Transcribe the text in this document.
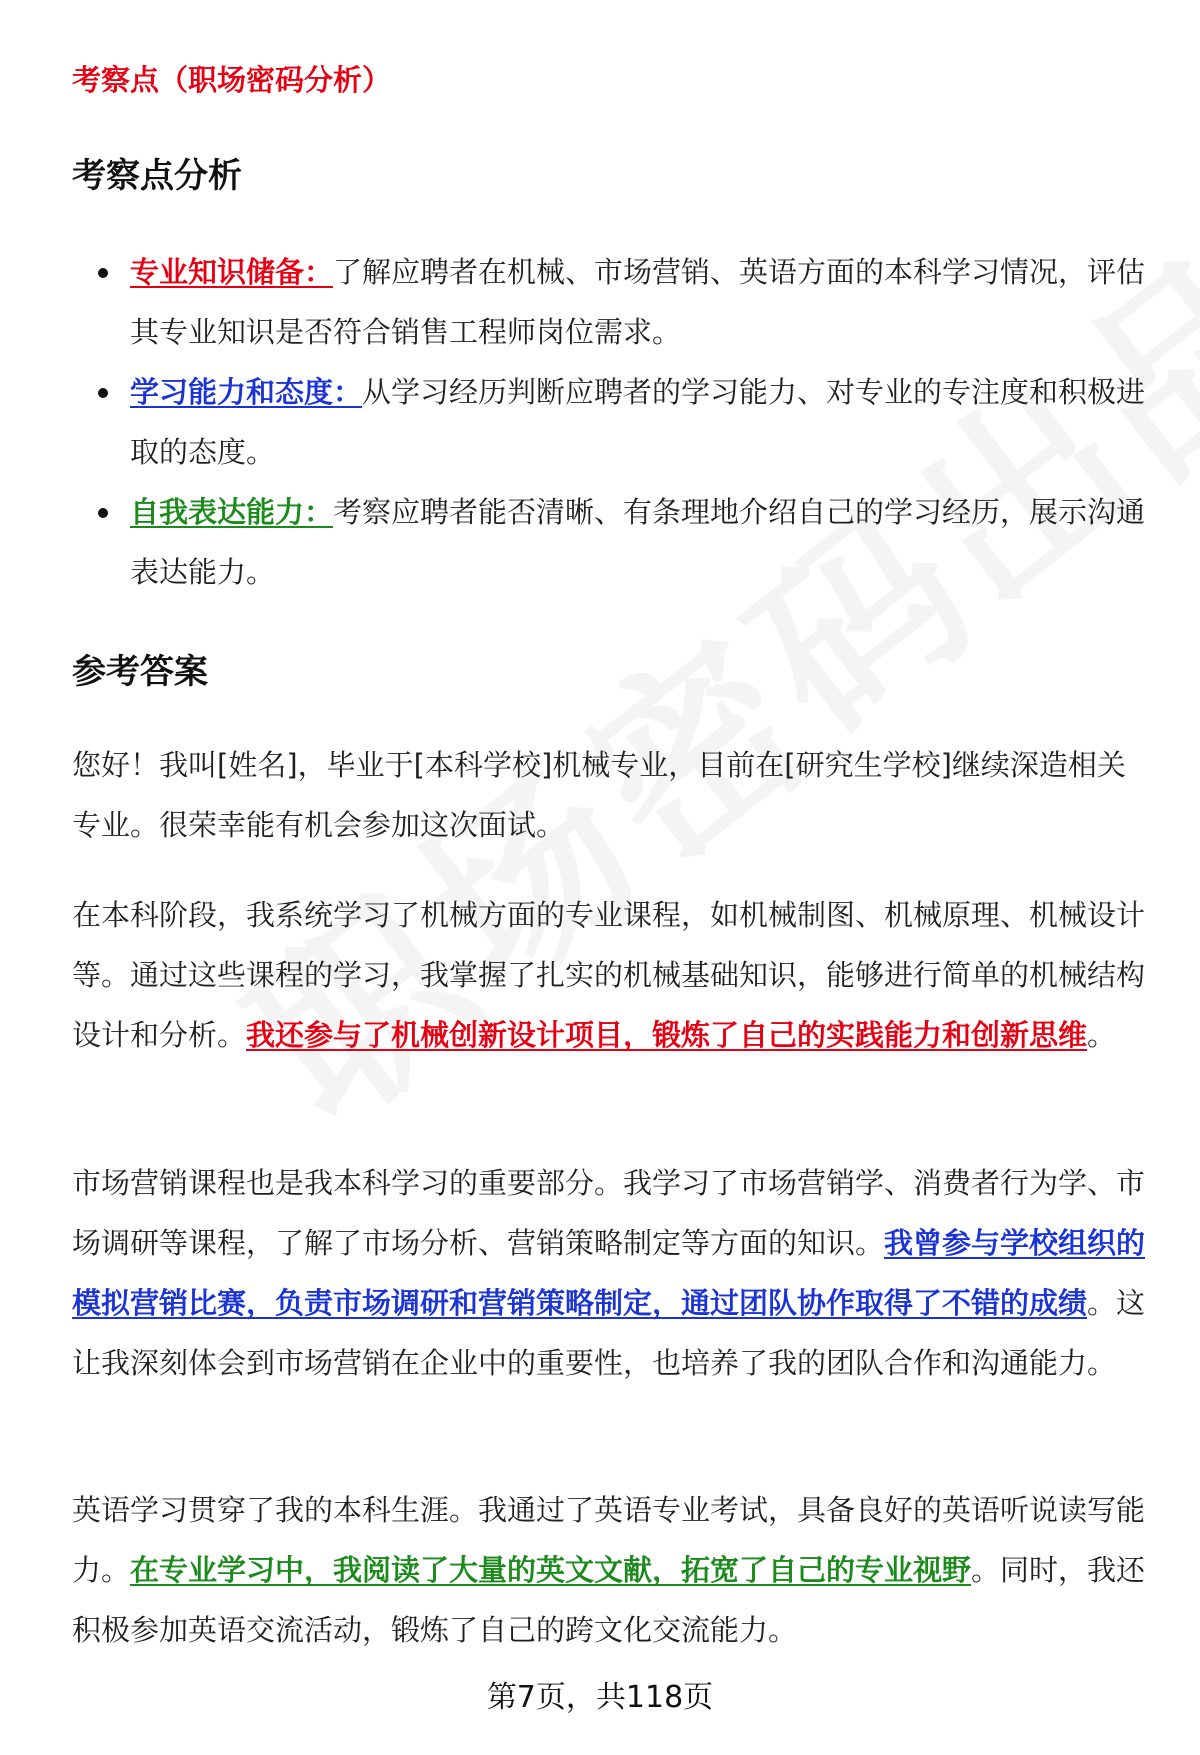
考察点（职场密码分析）
考察点分析
专业知识储备：了解应聘者在机械、市场营销、英语方面的本科学习情况，评估其专业知识是否符合销售工程师岗位需求。
学习能力和态度：从学习经历判断应聘者的学习能力、对专业的专注度和积极进取的态度。
自我表达能力：考察应聘者能否清晰、有条理地介绍自己的学习经历，展示沟通表达能力。
参考答案

您好！我叫[姓名]，毕业于[本科学校]机械专业，目前在[研究生学校]继续深造相关专业。很荣幸能有机会参加这次面试。

在本科阶段，我系统学习了机械方面的专业课程，如机械制图、机械原理、机械设计等。通过这些课程的学习，我掌握了扎实的机械基础知识，能够进行简单的机械结构设计和分析。我还参与了机械创新设计项目，锻炼了自己的实践能力和创新思维。

市场营销课程也是我本科学习的重要部分。我学习了市场营销学、消费者行为学、市场调研等课程，了解了市场分析、营销策略制定等方面的知识。我曾参与学校组织的模拟营销比赛，负责市场调研和营销策略制定，通过团队协作取得了不错的成绩。这让我深刻体会到市场营销在企业中的重要性，也培养了我的团队合作和沟通能力。

英语学习贯穿了我的本科生涯。我通过了英语专业考试，具备良好的英语听说读写能力。在专业学习中，我阅读了大量的英文文献，拓宽了自己的专业视野。同时，我还积极参加英语交流活动，锻炼了自己的跨文化交流能力。

第7页，共118页
